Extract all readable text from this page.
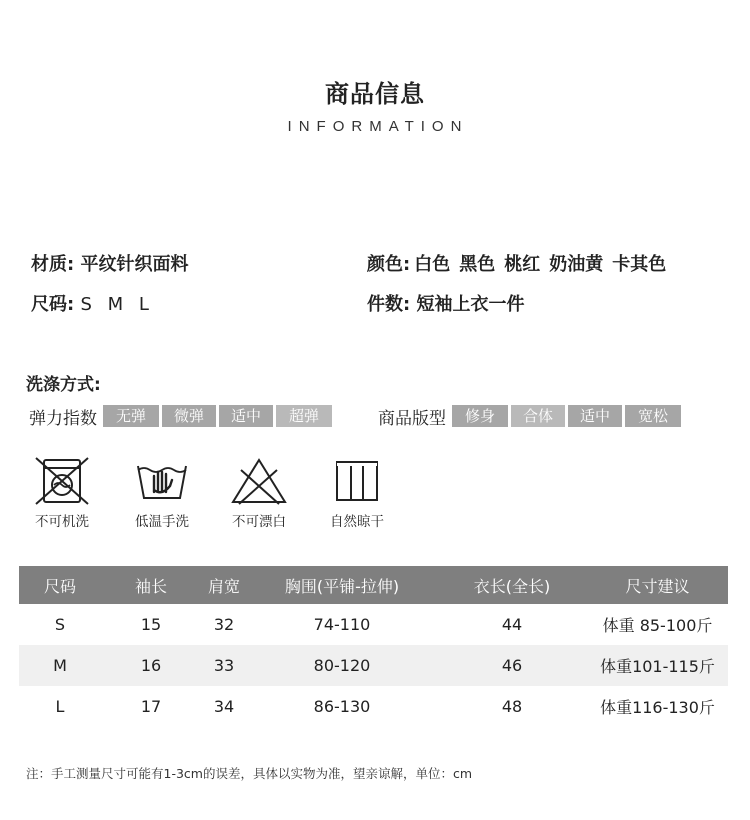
商品信息
INFORMATION
材质: 平纹针织面料	颜色: 白色 黑色 桃红 奶油黄 卡其色
尺码: S M L	件数: 短袖上衣一件
洗涤方式:
弹力指数	无弹	微弹	适中	超弹	商品版型	修身	合体	适中	宽松
不可机洗	低温手洗	不可漂白	自然晾干
尺码	袖长	肩宽	胸围(平铺-拉伸)	衣长(全长)	尺寸建议
S	15	32	74-110	44	体重 85-100斤
M	16	33	80-120	46	体重101-115斤
L	17	34	86-130	48	体重116-130斤
注：手工测量尺寸可能有1-3cm的误差，具体以实物为准，望亲谅解，单位：cm
